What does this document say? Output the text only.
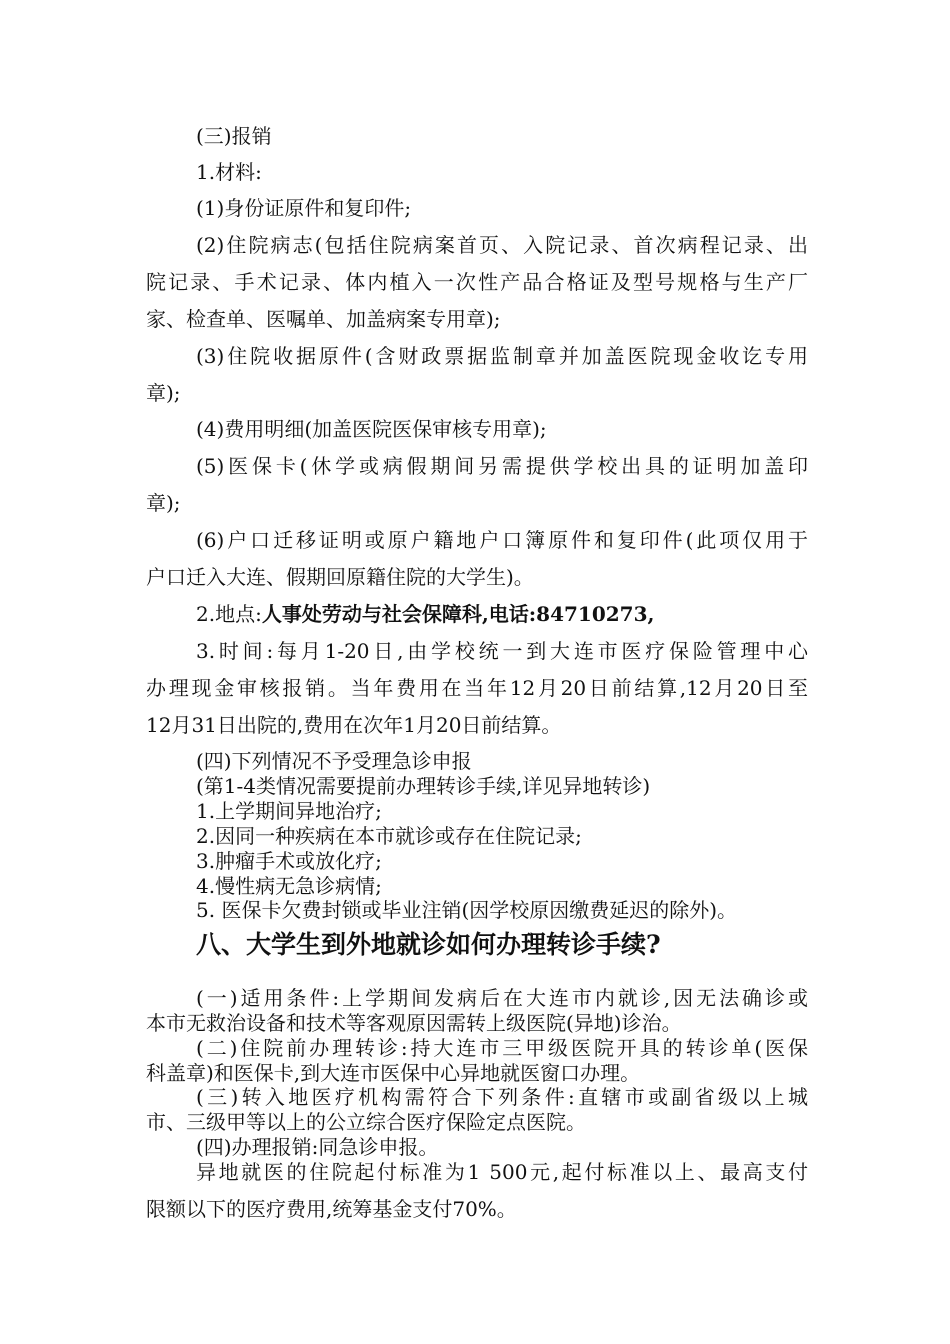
(三)报销
1.材料:
(1)身份证原件和复印件;
(2)住院病志(包括住院病案首页、入院记录、首次病程记录、出
院记录、手术记录、体内植入一次性产品合格证及型号规格与生产厂
家、检查单、医嘱单、加盖病案专用章);
(3)住院收据原件(含财政票据监制章并加盖医院现金收讫专用
章);
(4)费用明细(加盖医院医保审核专用章);
(5)医保卡(休学或病假期间另需提供学校出具的证明加盖印
章);
(6)户口迁移证明或原户籍地户口簿原件和复印件(此项仅用于
户口迁入大连、假期回原籍住院的大学生)。
2.地点:人事处劳动与社会保障科,电话:84710273,
3.时间:每月1-20日,由学校统一到大连市医疗保险管理中心
办理现金审核报销。当年费用在当年12月20日前结算,12月20日至
12月31日出院的,费用在次年1月20日前结算。
(四)下列情况不予受理急诊申报
(第1-4类情况需要提前办理转诊手续,详见异地转诊)
1.上学期间异地治疗;
2.因同一种疾病在本市就诊或存在住院记录;
3.肿瘤手术或放化疗;
4.慢性病无急诊病情;
5. 医保卡欠费封锁或毕业注销(因学校原因缴费延迟的除外)。
八、大学生到外地就诊如何办理转诊手续?
(一)适用条件:上学期间发病后在大连市内就诊,因无法确诊或
本市无救治设备和技术等客观原因需转上级医院(异地)诊治。
(二)住院前办理转诊:持大连市三甲级医院开具的转诊单(医保
科盖章)和医保卡,到大连市医保中心异地就医窗口办理。
(三)转入地医疗机构需符合下列条件:直辖市或副省级以上城
市、三级甲等以上的公立综合医疗保险定点医院。
(四)办理报销:同急诊申报。
异地就医的住院起付标准为1 500元,起付标准以上、最高支付
限额以下的医疗费用,统筹基金支付70%。
